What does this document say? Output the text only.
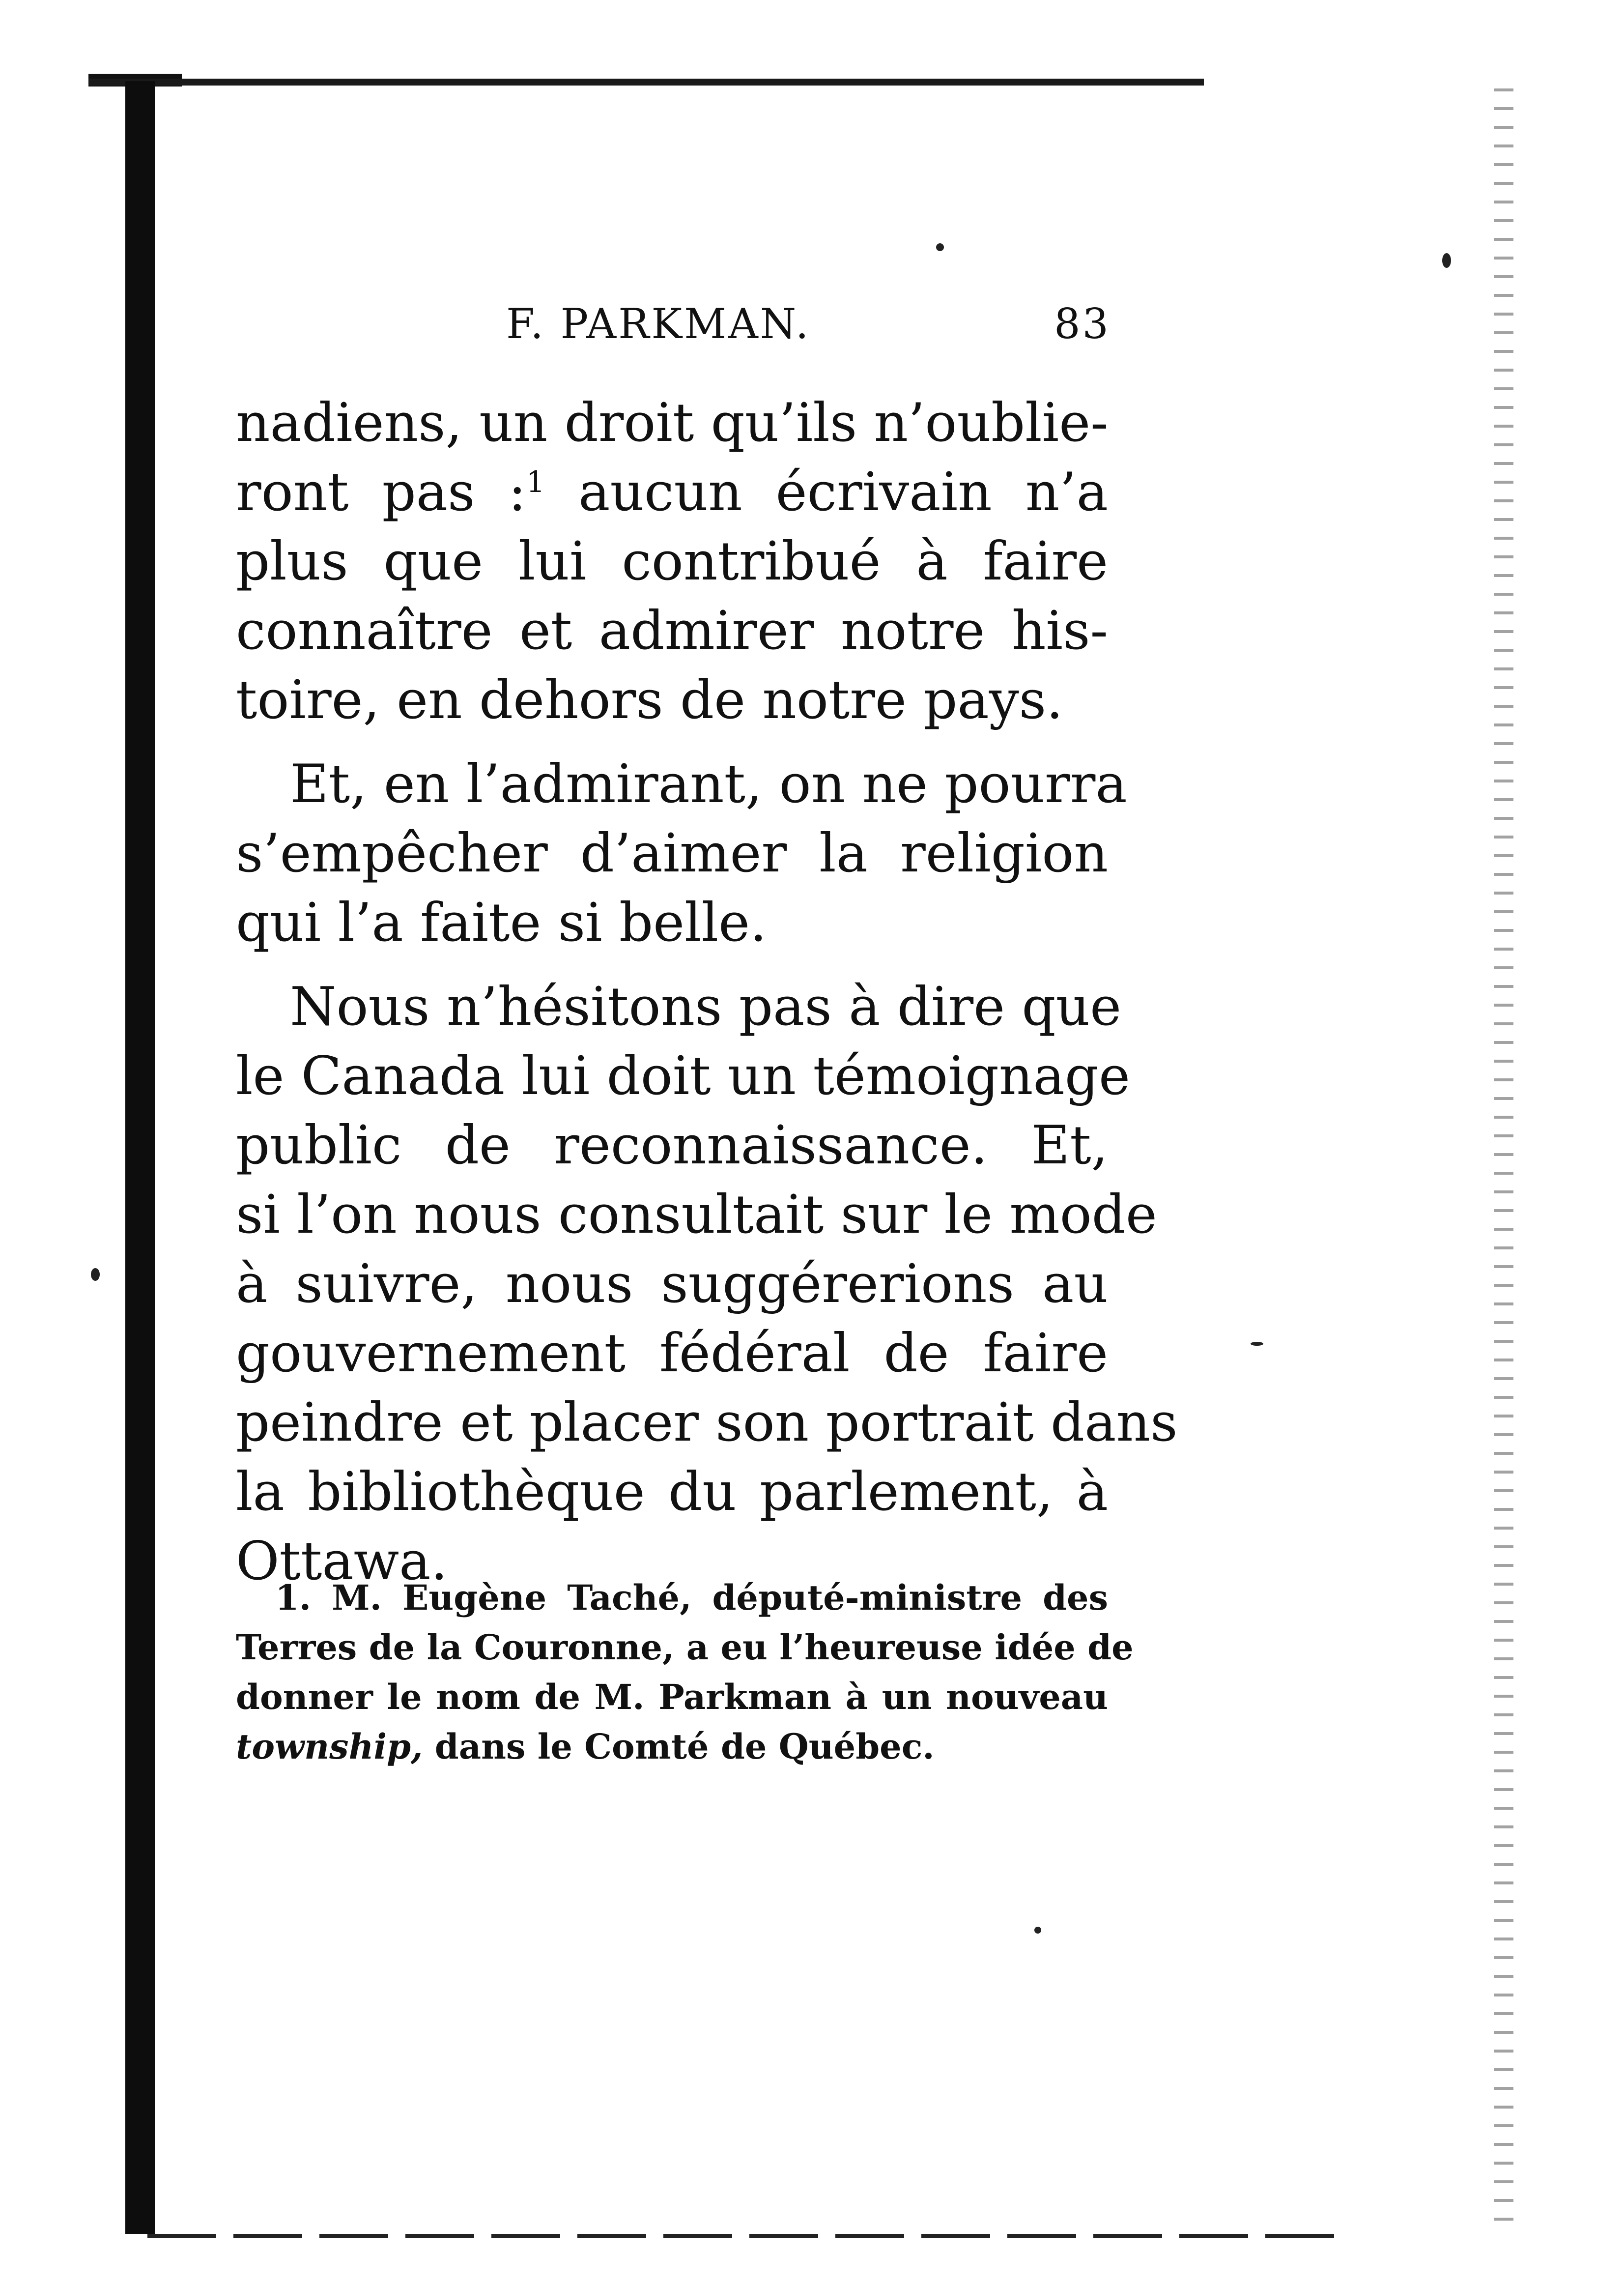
F. PARKMAN.	83

nadiens, un droit qu’ils n’oublie-
ront pas :$^1$ aucun écrivain n’a
plus que lui contribué à faire
connaître et admirer notre his-
toire, en dehors de notre pays.

Et, en l’admirant, on ne pourra
s’empêcher d’aimer la religion
qui l’a faite si belle.

Nous n’hésitons pas à dire que
le Canada lui doit un témoignage
public de reconnaissance. Et,
si l’on nous consultait sur le mode
à suivre, nous suggérerions au
gouvernement fédéral de faire
peindre et placer son portrait dans
la bibliothèque du parlement, à
Ottawa.

1. M. Eugène Taché, député-ministre des
Terres de la Couronne, a eu l’heureuse idée de
donner le nom de M. Parkman à un nouveau
township, dans le Comté de Québec.
